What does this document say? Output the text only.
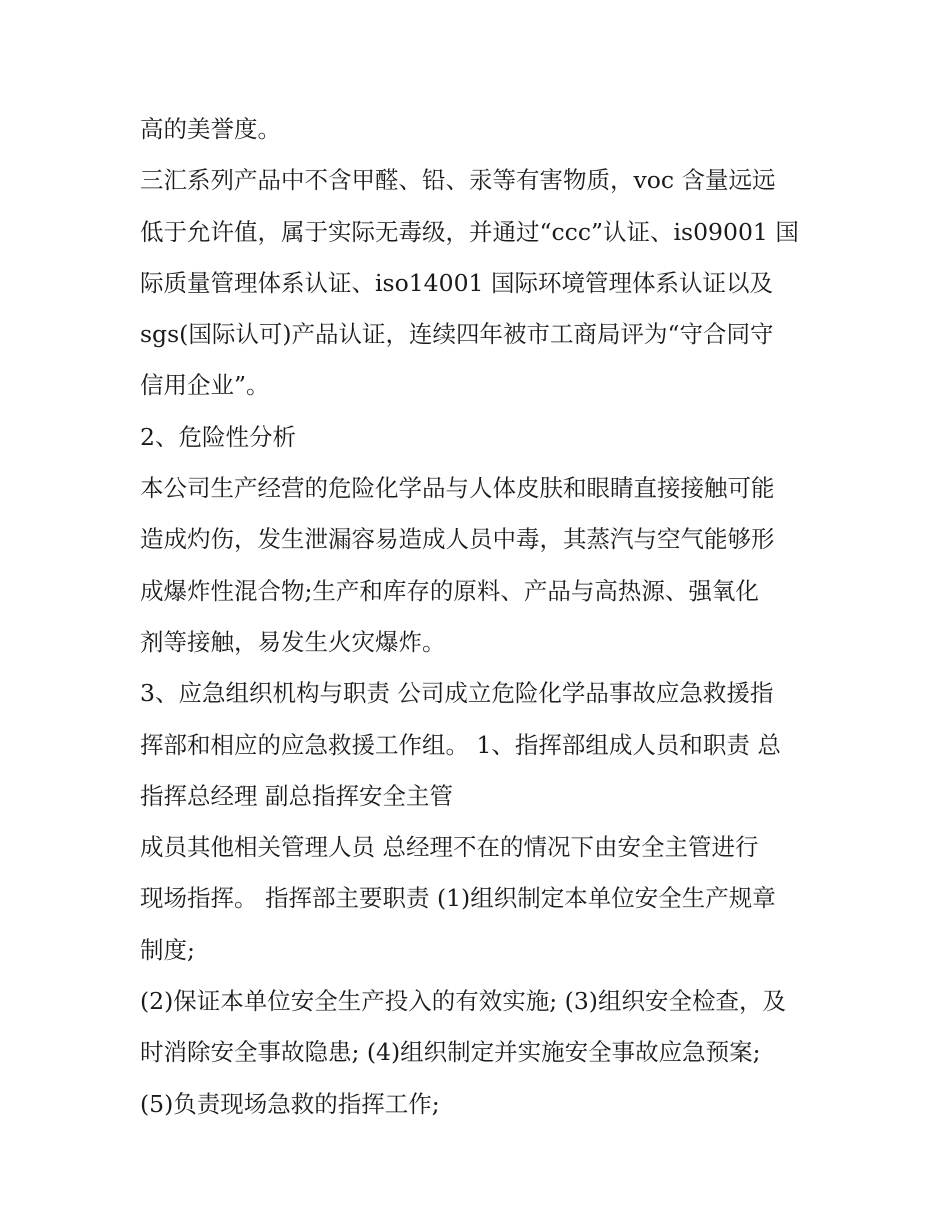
高的美誉度。
三汇系列产品中不含甲醛、铅、汞等有害物质，voc 含量远远
低于允许值，属于实际无毒级，并通过“ccc”认证、is09001 国
际质量管理体系认证、iso14001 国际环境管理体系认证以及
sgs(国际认可)产品认证，连续四年被市工商局评为“守合同守
信用企业”。
2、危险性分析
本公司生产经营的危险化学品与人体皮肤和眼睛直接接触可能
造成灼伤，发生泄漏容易造成人员中毒，其蒸汽与空气能够形
成爆炸性混合物;生产和库存的原料、产品与高热源、强氧化
剂等接触，易发生火灾爆炸。
3、应急组织机构与职责 公司成立危险化学品事故应急救援指
挥部和相应的应急救援工作组。 1、指挥部组成人员和职责 总
指挥总经理 副总指挥安全主管
成员其他相关管理人员 总经理不在的情况下由安全主管进行
现场指挥。 指挥部主要职责 (1)组织制定本单位安全生产规章
制度;
(2)保证本单位安全生产投入的有效实施; (3)组织安全检查，及
时消除安全事故隐患; (4)组织制定并实施安全事故应急预案;
(5)负责现场急救的指挥工作;
